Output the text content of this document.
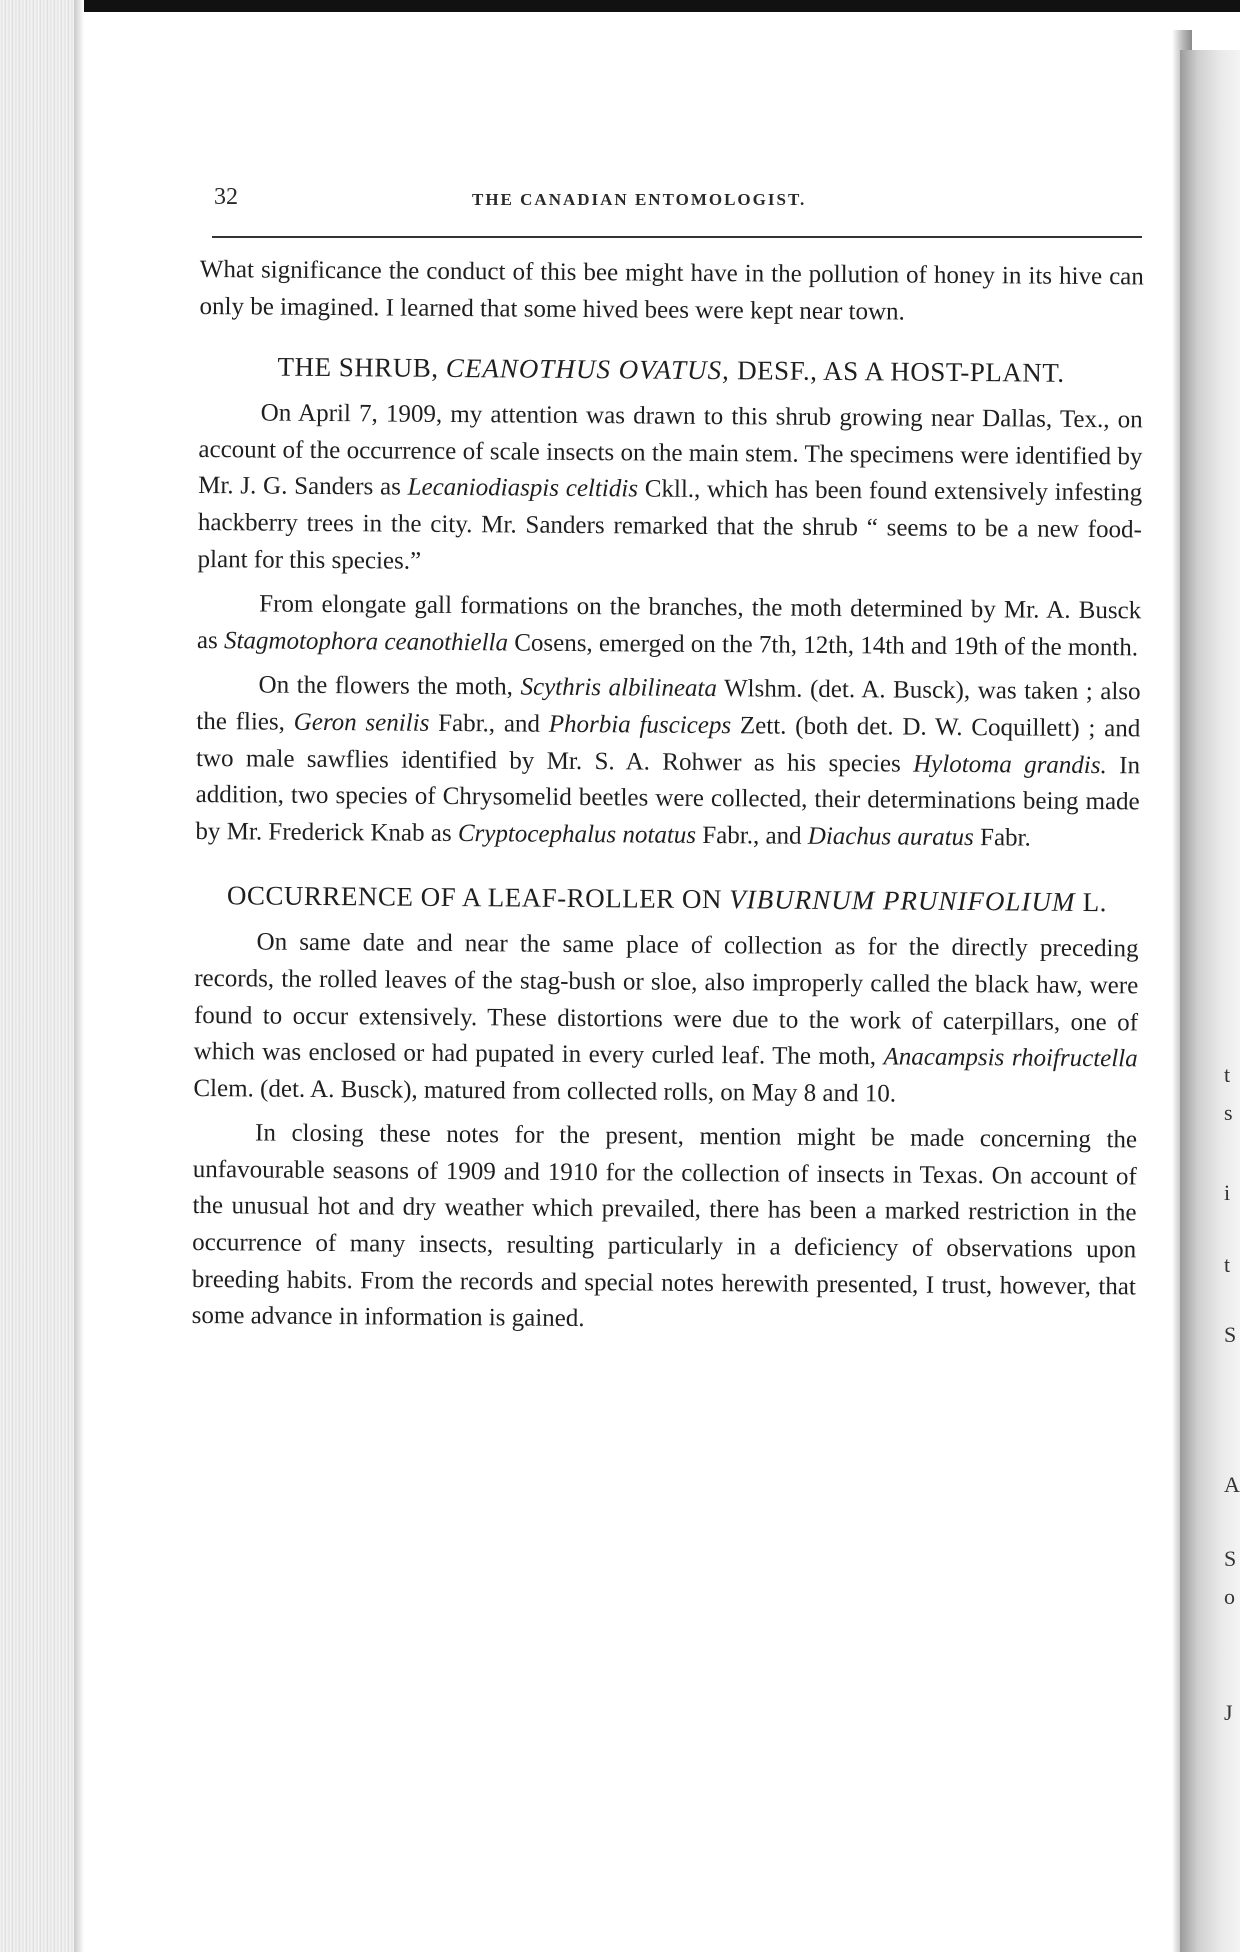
t
s
i
t
S
A
S
o
J
32	THE CANADIAN ENTOMOLOGIST.

What significance the conduct of this bee might have in the pollution of honey in its hive can only be imagined. I learned that some hived bees were kept near town.

THE SHRUB, CEANOTHUS OVATUS, DESF., AS A HOST-PLANT.

On April 7, 1909, my attention was drawn to this shrub growing near Dallas, Tex., on account of the occurrence of scale insects on the main stem. The specimens were identified by Mr. J. G. Sanders as Lecaniodiaspis celtidis Ckll., which has been found extensively infesting hackberry trees in the city. Mr. Sanders remarked that the shrub “ seems to be a new food-plant for this species.”

From elongate gall formations on the branches, the moth determined by Mr. A. Busck as Stagmotophora ceanothiella Cosens, emerged on the 7th, 12th, 14th and 19th of the month.

On the flowers the moth, Scythris albilineata Wlshm. (det. A. Busck), was taken ; also the flies, Geron senilis Fabr., and Phorbia fusciceps Zett. (both det. D. W. Coquillett) ; and two male sawflies identified by Mr. S. A. Rohwer as his species Hylotoma grandis. In addition, two species of Chrysomelid beetles were collected, their determinations being made by Mr. Frederick Knab as Cryptocephalus notatus Fabr., and Diachus auratus Fabr.

OCCURRENCE OF A LEAF-ROLLER ON VIBURNUM PRUNIFOLIUM L.

On same date and near the same place of collection as for the directly preceding records, the rolled leaves of the stag-bush or sloe, also improperly called the black haw, were found to occur extensively. These distortions were due to the work of caterpillars, one of which was enclosed or had pupated in every curled leaf. The moth, Anacampsis rhoifructella Clem. (det. A. Busck), matured from collected rolls, on May 8 and 10.

In closing these notes for the present, mention might be made concerning the unfavourable seasons of 1909 and 1910 for the collection of insects in Texas. On account of the unusual hot and dry weather which prevailed, there has been a marked restriction in the occurrence of many insects, resulting particularly in a deficiency of observations upon breeding habits. From the records and special notes herewith presented, I trust, however, that some advance in information is gained.
